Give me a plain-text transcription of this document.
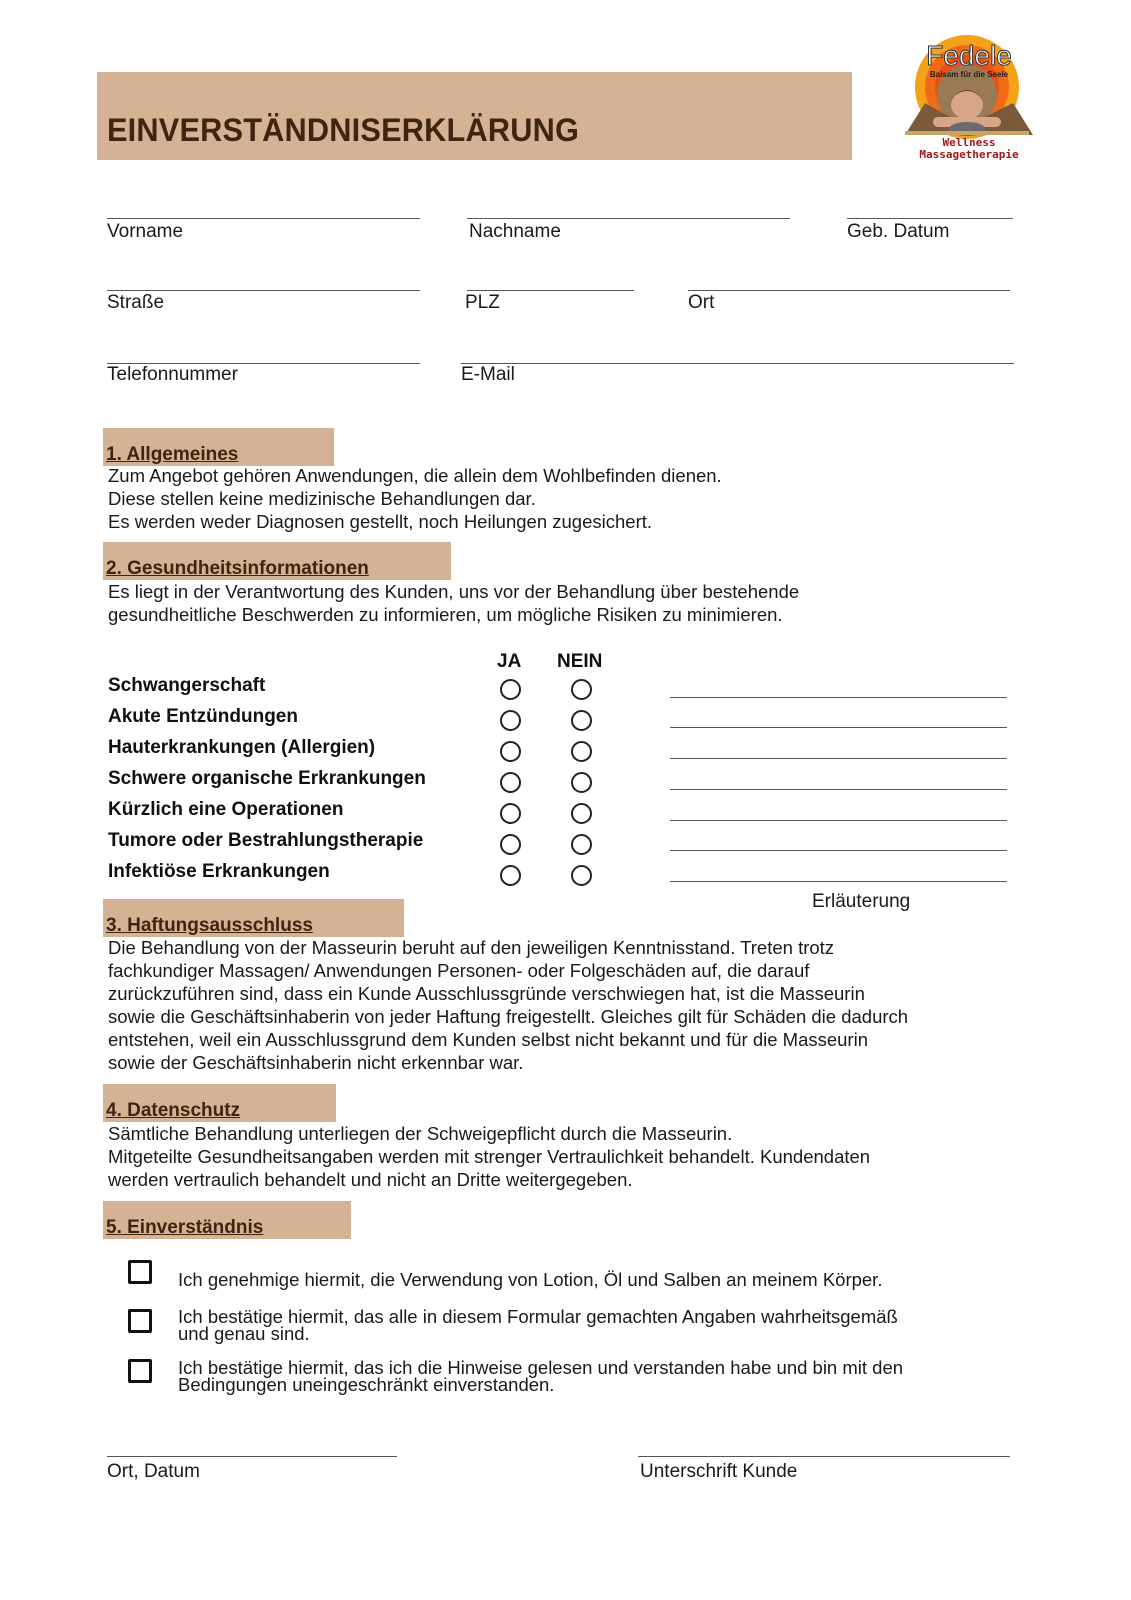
EINVERSTÄNDNISERKLÄRUNG
Fedele
Balsam für die Seele
Wellness
Massagetherapie
Vorname	Nachname	Geb. Datum
Straße	PLZ	Ort
Telefonnummer	E-Mail
1. Allgemeines
Zum Angebot gehören Anwendungen, die allein dem Wohlbefinden dienen.
Diese stellen keine medizinische Behandlungen dar.
Es werden weder Diagnosen gestellt, noch Heilungen zugesichert.
2. Gesundheitsinformationen
Es liegt in der Verantwortung des Kunden, uns vor der Behandlung über bestehende
gesundheitliche Beschwerden zu informieren, um mögliche Risiken zu minimieren.
JA NEIN
Schwangerschaft
Akute Entzündungen
Hauterkrankungen (Allergien)
Schwere organische Erkrankungen
Kürzlich eine Operationen
Tumore oder Bestrahlungstherapie
Infektiöse Erkrankungen
Erläuterung
3. Haftungsausschluss
Die Behandlung von der Masseurin beruht auf den jeweiligen Kenntnisstand. Treten trotz
fachkundiger Massagen/ Anwendungen Personen- oder Folgeschäden auf, die darauf
zurückzuführen sind, dass ein Kunde Ausschlussgründe verschwiegen hat, ist die Masseurin
sowie die Geschäftsinhaberin von jeder Haftung freigestellt. Gleiches gilt für Schäden die dadurch
entstehen, weil ein Ausschlussgrund dem Kunden selbst nicht bekannt und für die Masseurin
sowie der Geschäftsinhaberin nicht erkennbar war.
4. Datenschutz
Sämtliche Behandlung unterliegen der Schweigepflicht durch die Masseurin.
Mitgeteilte Gesundheitsangaben werden mit strenger Vertraulichkeit behandelt. Kundendaten
werden vertraulich behandelt und nicht an Dritte weitergegeben.
5. Einverständnis
Ich genehmige hiermit, die Verwendung von Lotion, Öl und Salben an meinem Körper.
Ich bestätige hiermit, das alle in diesem Formular gemachten Angaben wahrheitsgemäß
und genau sind.
Ich bestätige hiermit, das ich die Hinweise gelesen und verstanden habe und bin mit den
Bedingungen uneingeschränkt einverstanden.
Ort, Datum	Unterschrift Kunde
